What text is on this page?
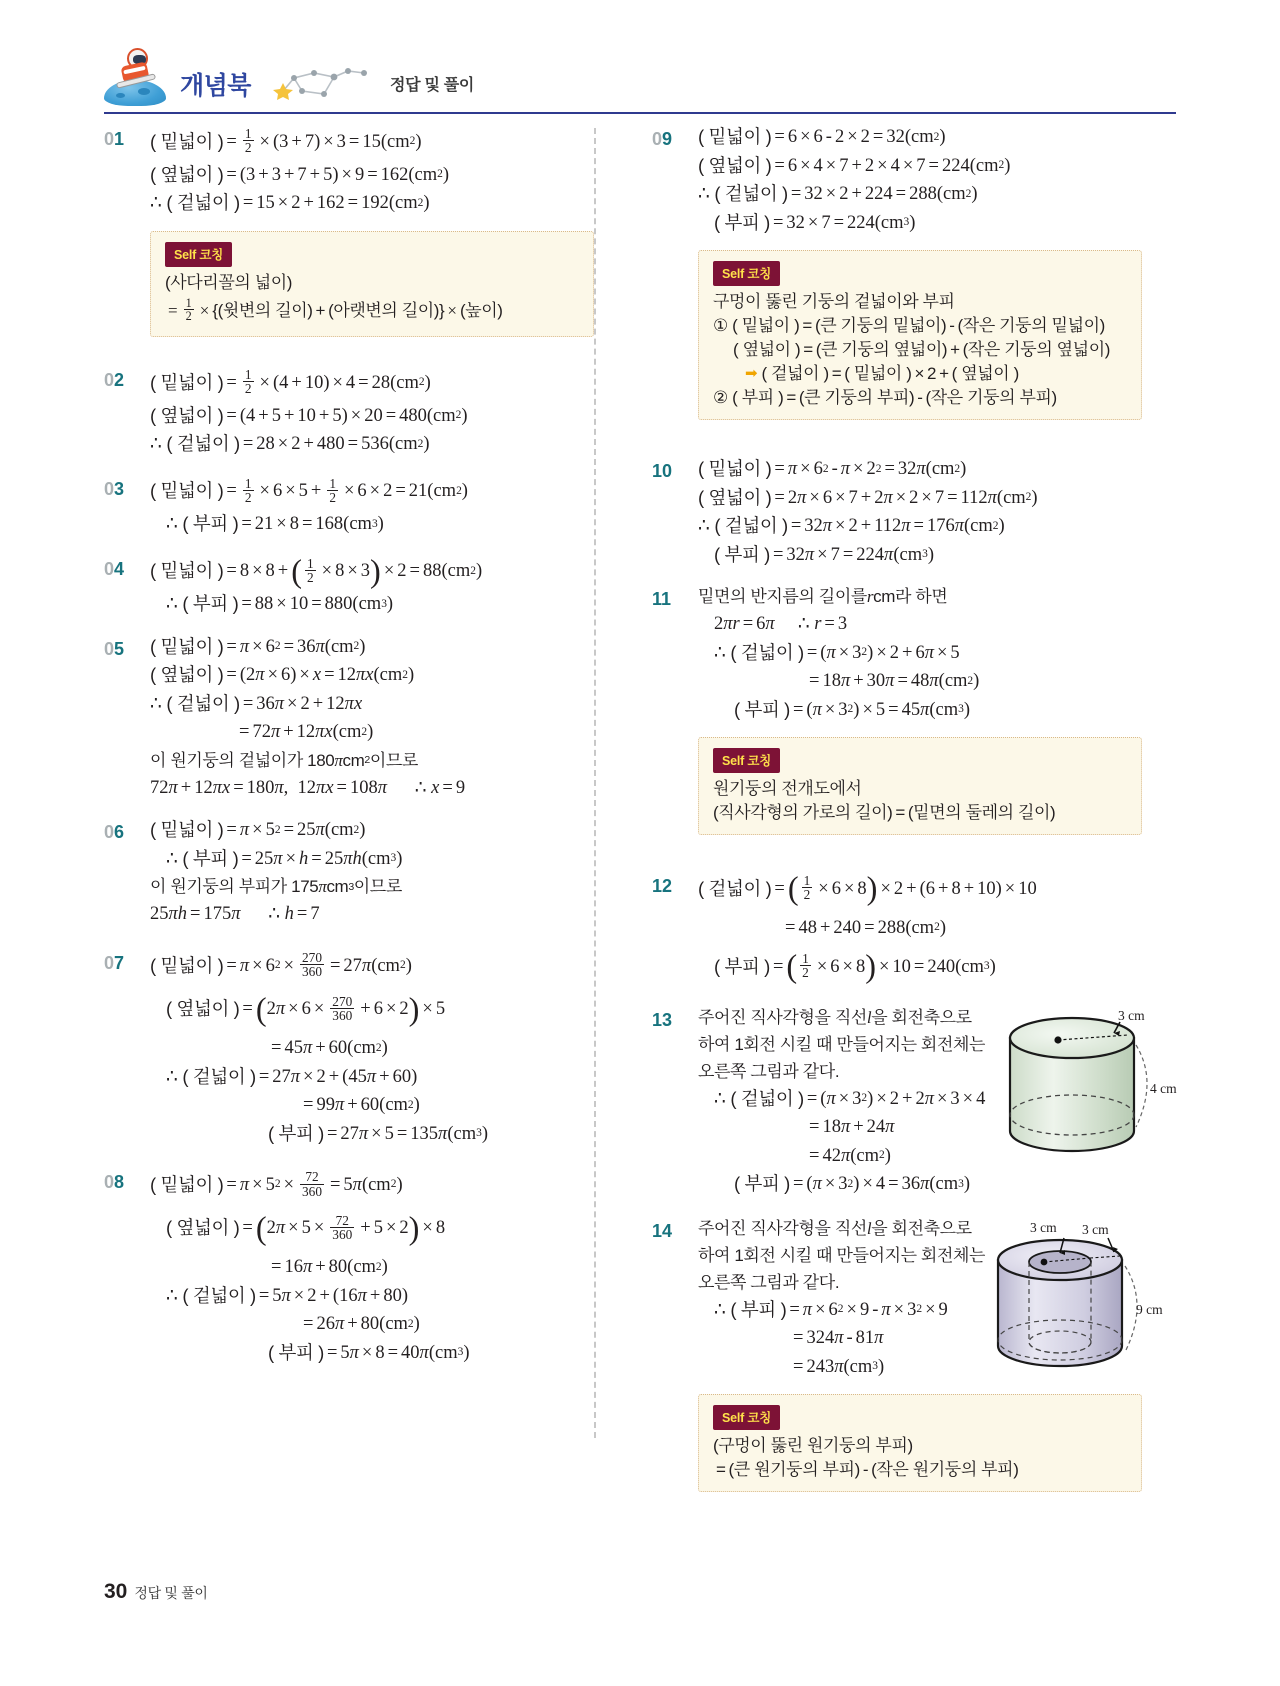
개념북	정답 및 풀이
01	( 밑넓이 ) = $\frac{1}{2} \times (3 + 7) \times 3 = 15(cm$ 2 )
( 옆넓이 ) = (3 + 3 + 7 + 5) × 9 = 162(cm 2 )
∴ ( 겉넓이 ) = 15 × 2 + 162 = 192(cm 2 )
Self 코칭
(사다리꼴의 넓이)
= $\frac{1}{2}$ × {(윗변의 길이) + (아랫변의 길이)} × (높이)
02	( 밑넓이 ) = $\frac{1}{2} \times (4 + 10) \times 4 = 28(cm$ 2 )
( 옆넓이 ) = (4 + 5 + 10 + 5) × 20 = 480(cm 2 )
∴ ( 겉넓이 ) = 28 × 2 + 480 = 536(cm 2 )
03	( 밑넓이 ) = $\frac{1}{2} \times 6 \times 5 + \frac{1}{2} \times 6 \times 2 = 21(cm$ 2 )
∴ ( 부피 ) = 21 × 8 = 168(cm 3 )
04	( 밑넓이 ) = 8 × 8 + ( $\frac{1}{2} \times 8 \times 3$ ) × 2 = 88(cm 2 )
∴ ( 부피 ) = 88 × 10 = 880(cm 3 )
05	( 밑넓이 ) = π × 6 2 = 36 π (cm 2 )
( 옆넓이 ) = (2 π × 6) × x = 12 πx (cm 2 )
∴ ( 겉넓이 ) = 36 π × 2 + 12 πx
= 72 π + 12 πx (cm 2 )
이 원기둥의 겉넓이가 180 π cm 2 이므로
72 π + 12 πx = 180 π ,  12 πx = 108 π ∴ x = 9
06	( 밑넓이 ) = π × 5 2 = 25 π (cm 2 )
∴ ( 부피 ) = 25 π × h = 25 πh (cm 3 )
이 원기둥의 부피가 175 π cm 3 이므로
25 πh = 175 π ∴ h = 7
07	( 밑넓이 ) = π × 6 $2 \times \frac{270}{360} = 27$ π (cm 2 )
( 옆넓이 ) = ( 2 $\pi \times 6 \times \frac{270}{360} + 6 \times 2$ ) × 5
= 45 π + 60(cm 2 )
∴ ( 겉넓이 ) = 27 π × 2 + (45 π + 60)
= 99 π + 60(cm 2 )
( 부피 ) = 27 π × 5 = 135 π (cm 3 )
08	( 밑넓이 ) = π × 5 $2 \times \frac{72}{360} = 5$ π (cm 2 )
( 옆넓이 ) = ( 2 $\pi \times 5 \times \frac{72}{360} + 5 \times 2$ ) × 8
= 16 π + 80(cm 2 )
∴ ( 겉넓이 ) = 5 π × 2 + (16 π + 80)
= 26 π + 80(cm 2 )
( 부피 ) = 5 π × 8 = 40 π (cm 3 )
09	( 밑넓이 ) = 6 × 6 - 2 × 2 = 32(cm 2 )
( 옆넓이 ) = 6 × 4 × 7 + 2 × 4 × 7 = 224(cm 2 )
∴ ( 겉넓이 ) = 32 × 2 + 224 = 288(cm 2 )
( 부피 ) = 32 × 7 = 224(cm 3 )
Self 코칭
구멍이 뚫린 기둥의 겉넓이와 부피
① ( 밑넓이 ) = (큰 기둥의 밑넓이) - (작은 기둥의 밑넓이)
( 옆넓이 ) = (큰 기둥의 옆넓이) + (작은 기둥의 옆넓이)
➡ ( 겉넓이 ) = ( 밑넓이 ) × 2 + ( 옆넓이 )
② ( 부피 ) = (큰 기둥의 부피) - (작은 기둥의 부피)
10	( 밑넓이 ) = π × 6 2 - π × 2 2 = 32 π (cm 2 )
( 옆넓이 ) = 2 π × 6 × 7 + 2 π × 2 × 7 = 112 π (cm 2 )
∴ ( 겉넓이 ) = 32 π × 2 + 112 π = 176 π (cm 2 )
( 부피 ) = 32 π × 7 = 224 π (cm 3 )
11	밑면의 반지름의 길이를 r cm라 하면
2 πr = 6 π ∴ r = 3
∴ ( 겉넓이 ) = ( π × 3 2 ) × 2 + 6 π × 5
= 18 π + 30 π = 48 π (cm 2 )
( 부피 ) = ( π × 3 2 ) × 5 = 45 π (cm 3 )
Self 코칭
원기둥의 전개도에서
(직사각형의 가로의 길이) = (밑면의 둘레의 길이)
12	( 겉넓이 ) = ( $\frac{1}{2} \times 6 \times 8$ ) × 2 + (6 + 8 + 10) × 10
= 48 + 240 = 288(cm 2 )
( 부피 ) = ( $\frac{1}{2} \times 6 \times 8$ ) × 10 = 240(cm 3 )
13	주어진 직사각형을 직선 l 을 회전축으로
하여 1회전 시킬 때 만들어지는 회전체는
오른쪽 그림과 같다.
∴ ( 겉넓이 ) = ( π × 3 2 ) × 2 + 2 π × 3 × 4
= 18 π + 24 π
= 42 π (cm 2 )
( 부피 ) = ( π × 3 2 ) × 4 = 36 π (cm 3 )
3 cm
4 cm
14	주어진 직사각형을 직선 l 을 회전축으로
하여 1회전 시킬 때 만들어지는 회전체는
오른쪽 그림과 같다.
∴ ( 부피 ) = π × 6 2 × 9 - π × 3 2 × 9
= 324 π - 81 π
= 243 π (cm 3 )
3 cm 3 cm
9 cm
Self 코칭
(구멍이 뚫린 원기둥의 부피)
= (큰 원기둥의 부피) - (작은 원기둥의 부피)
30 정답 및 풀이
